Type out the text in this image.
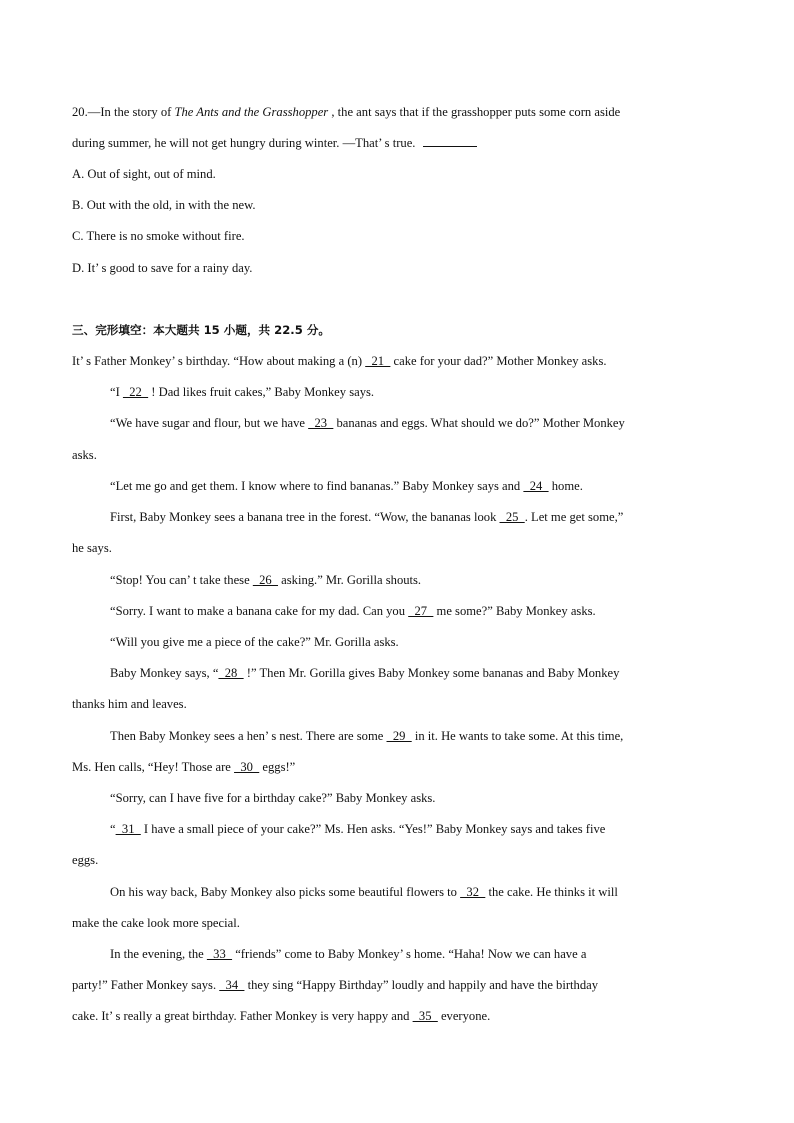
20.—In the story of The Ants and the Grasshopper , the ant says that if the grasshopper puts some corn aside
during summer, he will not get hungry during winter. —That’ s true.
A. Out of sight, out of mind.
B. Out with the old, in with the new.
C. There is no smoke without fire.
D. It’ s good to save for a rainy day.
三、完形填空：本大题共 15 小题，共 22.5 分。
It’ s Father Monkey’ s birthday. “How about making a (n)   21   cake for your dad?” Mother Monkey asks.
“I   22   ! Dad likes fruit cakes,” Baby Monkey says.
“We have sugar and flour, but we have   23   bananas and eggs. What should we do?” Mother Monkey
asks.
“Let me go and get them. I know where to find bananas.” Baby Monkey says and   24   home.
First, Baby Monkey sees a banana tree in the forest. “Wow, the bananas look   25  . Let me get some,”
he says.
“Stop! You can’ t take these   26   asking.” Mr. Gorilla shouts.
“Sorry. I want to make a banana cake for my dad. Can you   27   me some?” Baby Monkey asks.
“Will you give me a piece of the cake?” Mr. Gorilla asks.
Baby Monkey says, “  28   !” Then Mr. Gorilla gives Baby Monkey some bananas and Baby Monkey
thanks him and leaves.
Then Baby Monkey sees a hen’ s nest. There are some   29   in it. He wants to take some. At this time,
Ms. Hen calls, “Hey! Those are   30   eggs!”
“Sorry, can I have five for a birthday cake?” Baby Monkey asks.
“  31   I have a small piece of your cake?” Ms. Hen asks. “Yes!” Baby Monkey says and takes five
eggs.
On his way back, Baby Monkey also picks some beautiful flowers to   32   the cake. He thinks it will
make the cake look more special.
In the evening, the   33   “friends” come to Baby Monkey’ s home. “Haha! Now we can have a
party!” Father Monkey says.   34   they sing “Happy Birthday” loudly and happily and have the birthday
cake. It’ s really a great birthday. Father Monkey is very happy and   35   everyone.
